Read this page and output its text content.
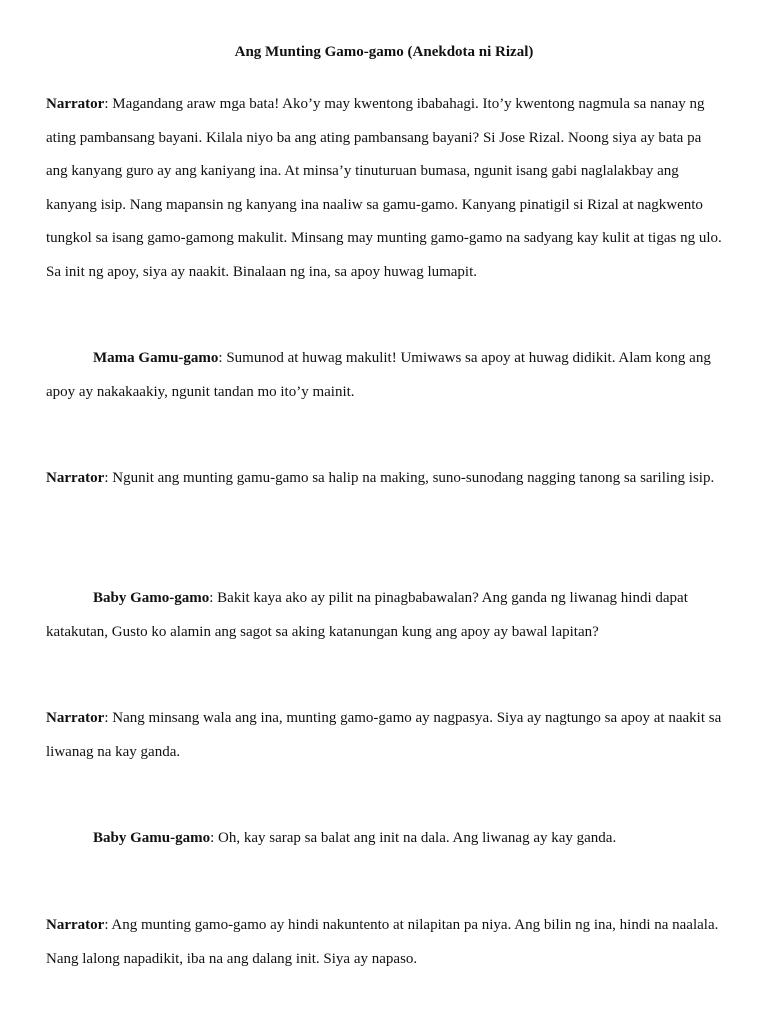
Ang Munting Gamo-gamo (Anekdota ni Rizal)

Narrator: Magandang araw mga bata! Ako’y may kwentong ibabahagi. Ito’y kwentong nagmula sa nanay ng ating pambansang bayani. Kilala niyo ba ang ating pambansang bayani? Si Jose Rizal. Noong siya ay bata pa ang kanyang guro ay ang kaniyang ina. At minsa’y tinuturuan bumasa, ngunit isang gabi naglalakbay ang kanyang isip. Nang mapansin ng kanyang ina naaliw sa gamu-gamo. Kanyang pinatigil si Rizal at nagkwento tungkol sa isang gamo-gamong makulit. Minsang may munting gamo-gamo na sadyang kay kulit at tigas ng ulo. Sa init ng apoy, siya ay naakit. Binalaan ng ina, sa apoy huwag lumapit.

Mama Gamu-gamo: Sumunod at huwag makulit! Umiwaws sa apoy at huwag didikit. Alam kong ang apoy ay nakakaakiy, ngunit tandan mo ito’y mainit.

Narrator: Ngunit ang munting gamu-gamo sa halip na making, suno-sunodang nagging tanong sa sariling isip.

Baby Gamo-gamo: Bakit kaya ako ay pilit na pinagbabawalan? Ang ganda ng liwanag hindi dapat katakutan, Gusto ko alamin ang sagot sa aking katanungan kung ang apoy ay bawal lapitan?

Narrator: Nang minsang wala ang ina, munting gamo-gamo ay nagpasya. Siya ay nagtungo sa apoy at naakit sa liwanag na kay ganda.

Baby Gamu-gamo: Oh, kay sarap sa balat ang init na dala. Ang liwanag ay kay ganda.

Narrator: Ang munting gamo-gamo ay hindi nakuntento at nilapitan pa niya. Ang bilin ng ina, hindi na naalala. Nang lalong napadikit, iba na ang dalang init. Siya ay napaso.
